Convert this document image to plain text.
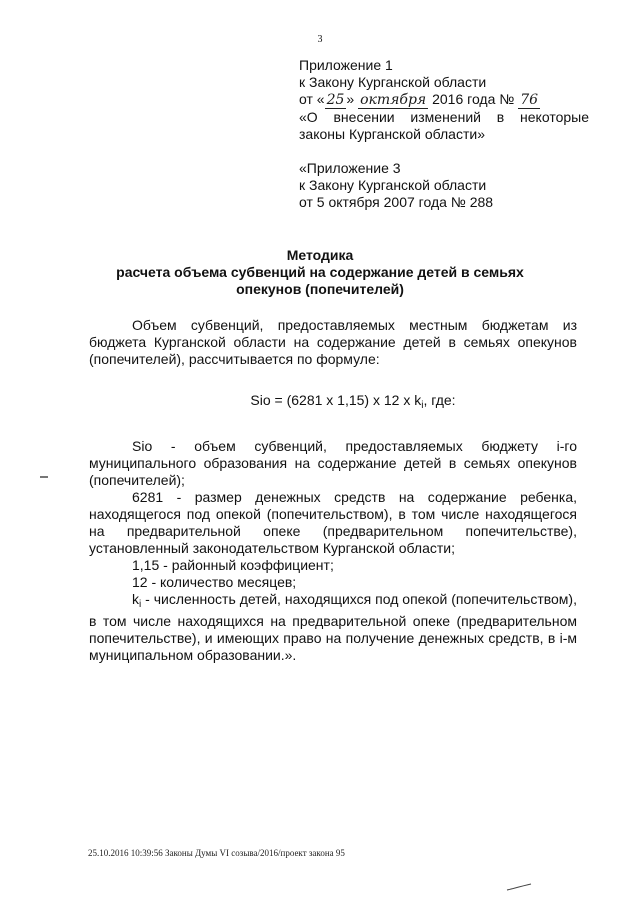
3
Приложение 1
к Закону Курганской области
от « 25 » октября 2016 года № 76
«О внесении изменений в некоторые законы Курганской области»
«Приложение 3
к Закону Курганской области
от 5 октября 2007 года № 288
Методика
расчета объема субвенций на содержание детей в семьях
опекунов (попечителей)

Объем субвенций, предоставляемых местным бюджетам из бюджета Курганской области на содержание детей в семьях опекунов (попечителей), рассчитывается по формуле:

Sio = (6281 х 1,15) х 12 х $k_i$, где:

Sio - объем субвенций, предоставляемых бюджету i-го муниципального образования на содержание детей в семьях опекунов (попечителей);

6281 - размер денежных средств на содержание ребенка, находящегося под опекой (попечительством), в том числе находящегося на предварительной опеке (предварительном попечительстве), установленный законодательством Курганской области;

1,15 - районный коэффициент;

12 - количество месяцев;

$k_i$ - численность детей, находящихся под опекой (попечительством), в том числе находящихся на предварительной опеке (предварительном попечительстве), и имеющих право на получение денежных средств, в i-м муниципальном образовании.».

25.10.2016 10:39:56 Законы Думы VI созыва/2016/проект закона 95
